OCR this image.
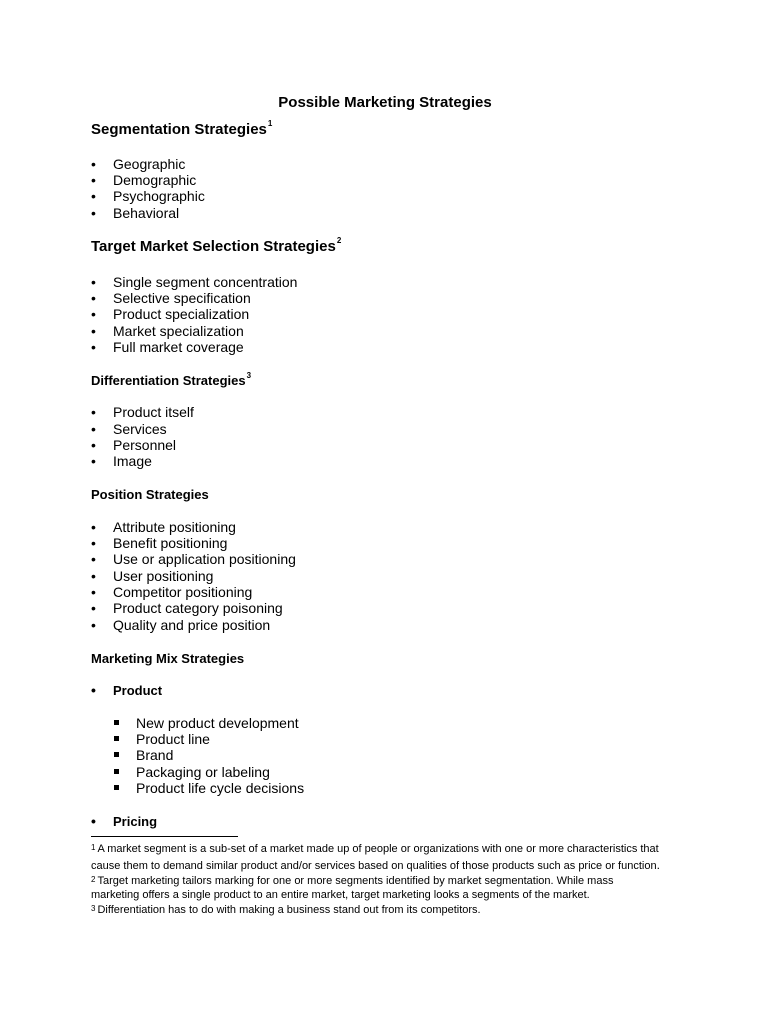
Possible Marketing Strategies
Segmentation Strategies$^1$
• Geographic
• Demographic
• Psychographic
• Behavioral
Target Market Selection Strategies$^2$
• Single segment concentration
• Selective specification
• Product specialization
• Market specialization
• Full market coverage
Differentiation Strategies$^3$
• Product itself
• Services
• Personnel
• Image
Position Strategies
• Attribute positioning
• Benefit positioning
• Use or application positioning
• User positioning
• Competitor positioning
• Product category poisoning
• Quality and price position
Marketing Mix Strategies
• Product
New product development
Product line
Brand
Packaging or labeling
Product life cycle decisions
• Pricing
$^1$ A market segment is a sub-set of a market made up of people or organizations with one or more characteristics that
cause them to demand similar product and/or services based on qualities of those products such as price or function.
$^2$ Target marketing tailors marking for one or more segments identified by market segmentation. While mass
marketing offers a single product to an entire market, target marketing looks a segments of the market.
$^3$ Differentiation has to do with making a business stand out from its competitors.
